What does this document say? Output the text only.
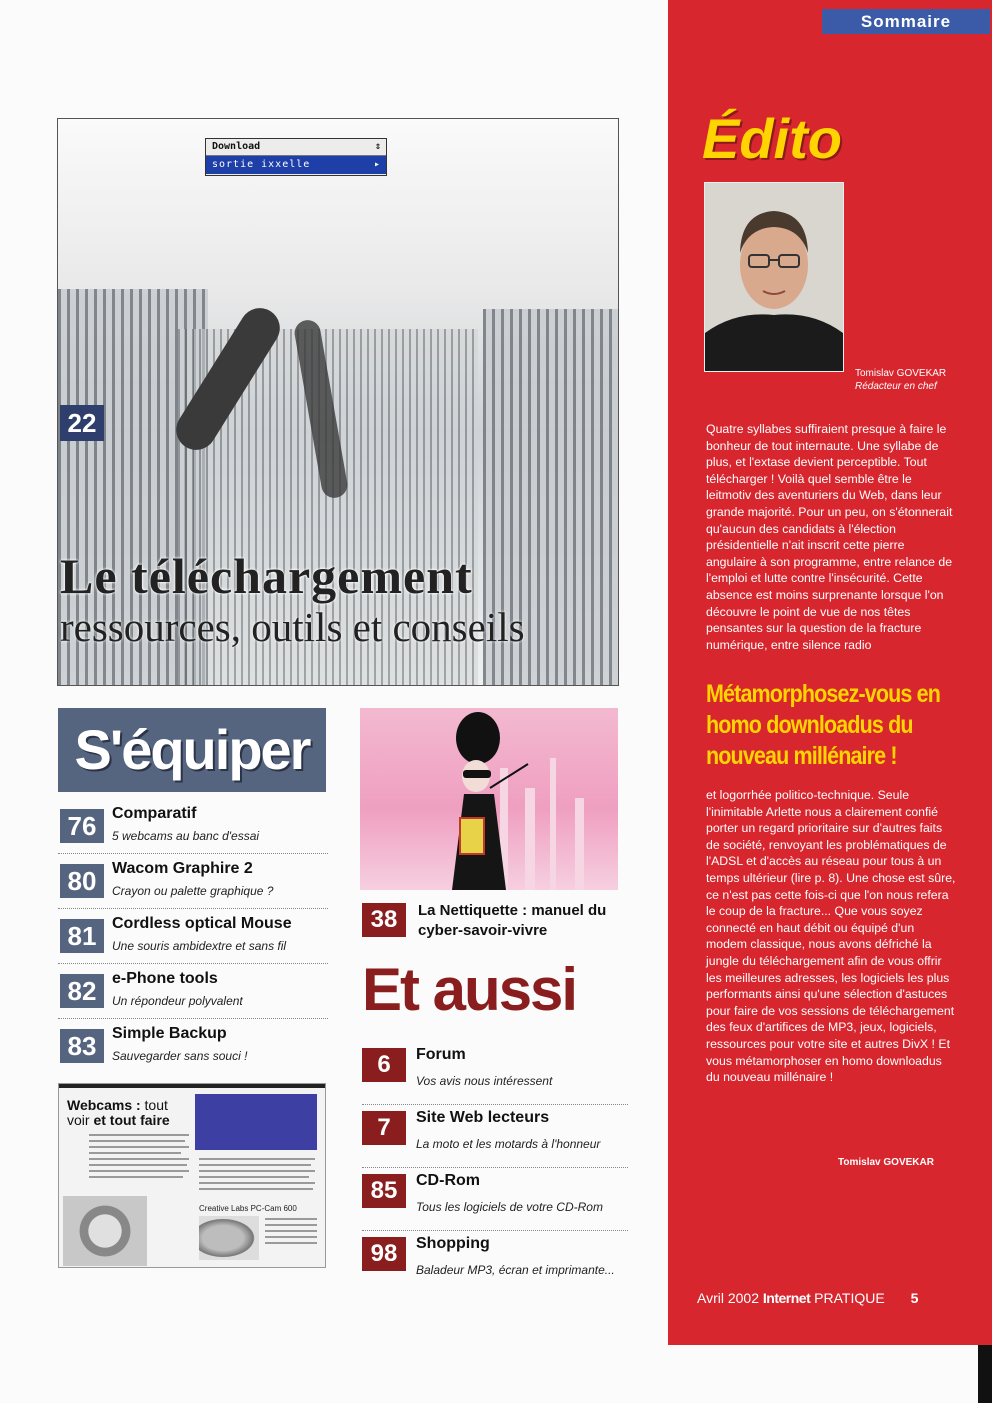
Sommaire
Édito
Tomislav GOVEKAR
Rédacteur en chef
Quatre syllabes suffiraient presque à faire le bonheur de tout internaute. Une syllabe de plus, et l'extase devient perceptible. Tout télécharger ! Voilà quel semble être le leitmotiv des aventuriers du Web, dans leur grande majorité. Pour un peu, on s'étonnerait qu'aucun des candidats à l'élection présidentielle n'ait inscrit cette pierre angulaire à son programme, entre relance de l'emploi et lutte contre l'insécurité. Cette absence est moins surprenante lorsque l'on découvre le point de vue de nos têtes pensantes sur la question de la fracture numérique, entre silence radio
Métamorphosez-vous en homo downloadus du nouveau millénaire !
et logorrhée politico-technique. Seule l'inimitable Arlette nous a clairement confié porter un regard prioritaire sur d'autres faits de société, renvoyant les problématiques de l'ADSL et d'accès au réseau pour tous à un temps ultérieur (lire p. 8). Une chose est sûre, ce n'est pas cette fois-ci que l'on nous refera le coup de la fracture... Que vous soyez connecté en haut débit ou équipé d'un modem classique, nous avons défriché la jungle du téléchargement afin de vous offrir les meilleures adresses, les logiciels les plus performants ainsi qu'une sélection d'astuces pour faire de vos sessions de téléchargement des feux d'artifices de MP3, jeux, logiciels, ressources pour votre site et autres DivX ! Et vous métamorphoser en homo downloadus du nouveau millénaire !
Tomislav GOVEKAR
Avril 2002 Internet PRATIQUE 5
Download	⇕
sortie ixxelle	▸
22
Le téléchargement
ressources, outils et conseils
S'équiper
76 Comparatif
5 webcams au banc d'essai
80 Wacom Graphire 2
Crayon ou palette graphique ?
81 Cordless optical Mouse
Une souris ambidextre et sans fil
82 e-Phone tools
Un répondeur polyvalent
83 Simple Backup
Sauvegarder sans souci !
Webcams : tout voir et tout faire
Creative Labs PC-Cam 600
38	La Nettiquette : manuel du cyber-savoir-vivre
Et aussi
6	Forum
Vos avis nous intéressent
7	Site Web lecteurs
La moto et les motards à l'honneur
85	CD-Rom
Tous les logiciels de votre CD-Rom
98	Shopping
Baladeur MP3, écran et imprimante...
